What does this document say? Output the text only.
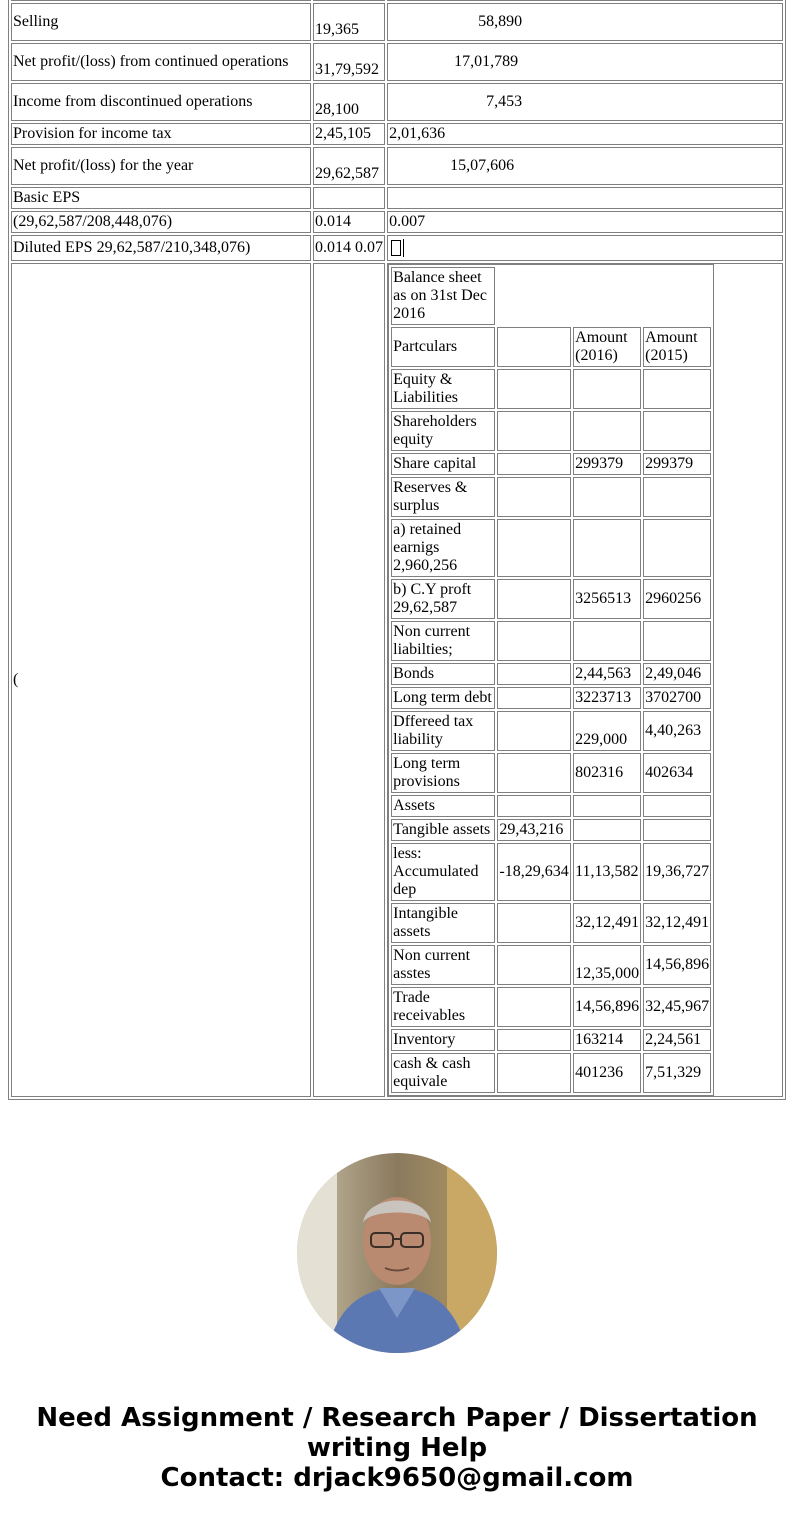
Selling	19,365	58,890
Net profit/(loss) from continued operations	31,79,592	17,01,789
Income from discontinued operations	28,100	7,453
Provision for income tax	2,45,105	2,01,636
Net profit/(loss) for the year	29,62,587	15,07,606
Basic EPS		
(29,62,587/208,448,076)	0.014	0.007
Diluted EPS 29,62,587/210,348,076)	0.014 0.07	
(		
Balance sheet as on 31st Dec 2016	
Partculars		Amount (2016)	Amount (2015)
Equity & Liabilities			
Shareholders equity			
Share capital		299379	299379
Reserves & surplus			
a) retained earnigs 2,960,256			
b) C.Y proft 29,62,587		3256513	2960256
Non current liabilties;			
Bonds		2,44,563	2,49,046
Long term debt		3223713	3702700
Dffereed tax liability		229,000	4,40,263
Long term provisions		802316	402634
Assets			
Tangible assets	29,43,216		
less: Accumulated dep	-18,29,634	11,13,582	19,36,727
Intangible assets		32,12,491	32,12,491
Non current asstes		12,35,000	14,56,896
Trade receivables		14,56,896	32,45,967
Inventory		163214	2,24,561
cash & cash equivale		401236	7,51,329
Need Assignment / Research Paper / Dissertation writing Help
Contact: drjack9650@gmail.com
